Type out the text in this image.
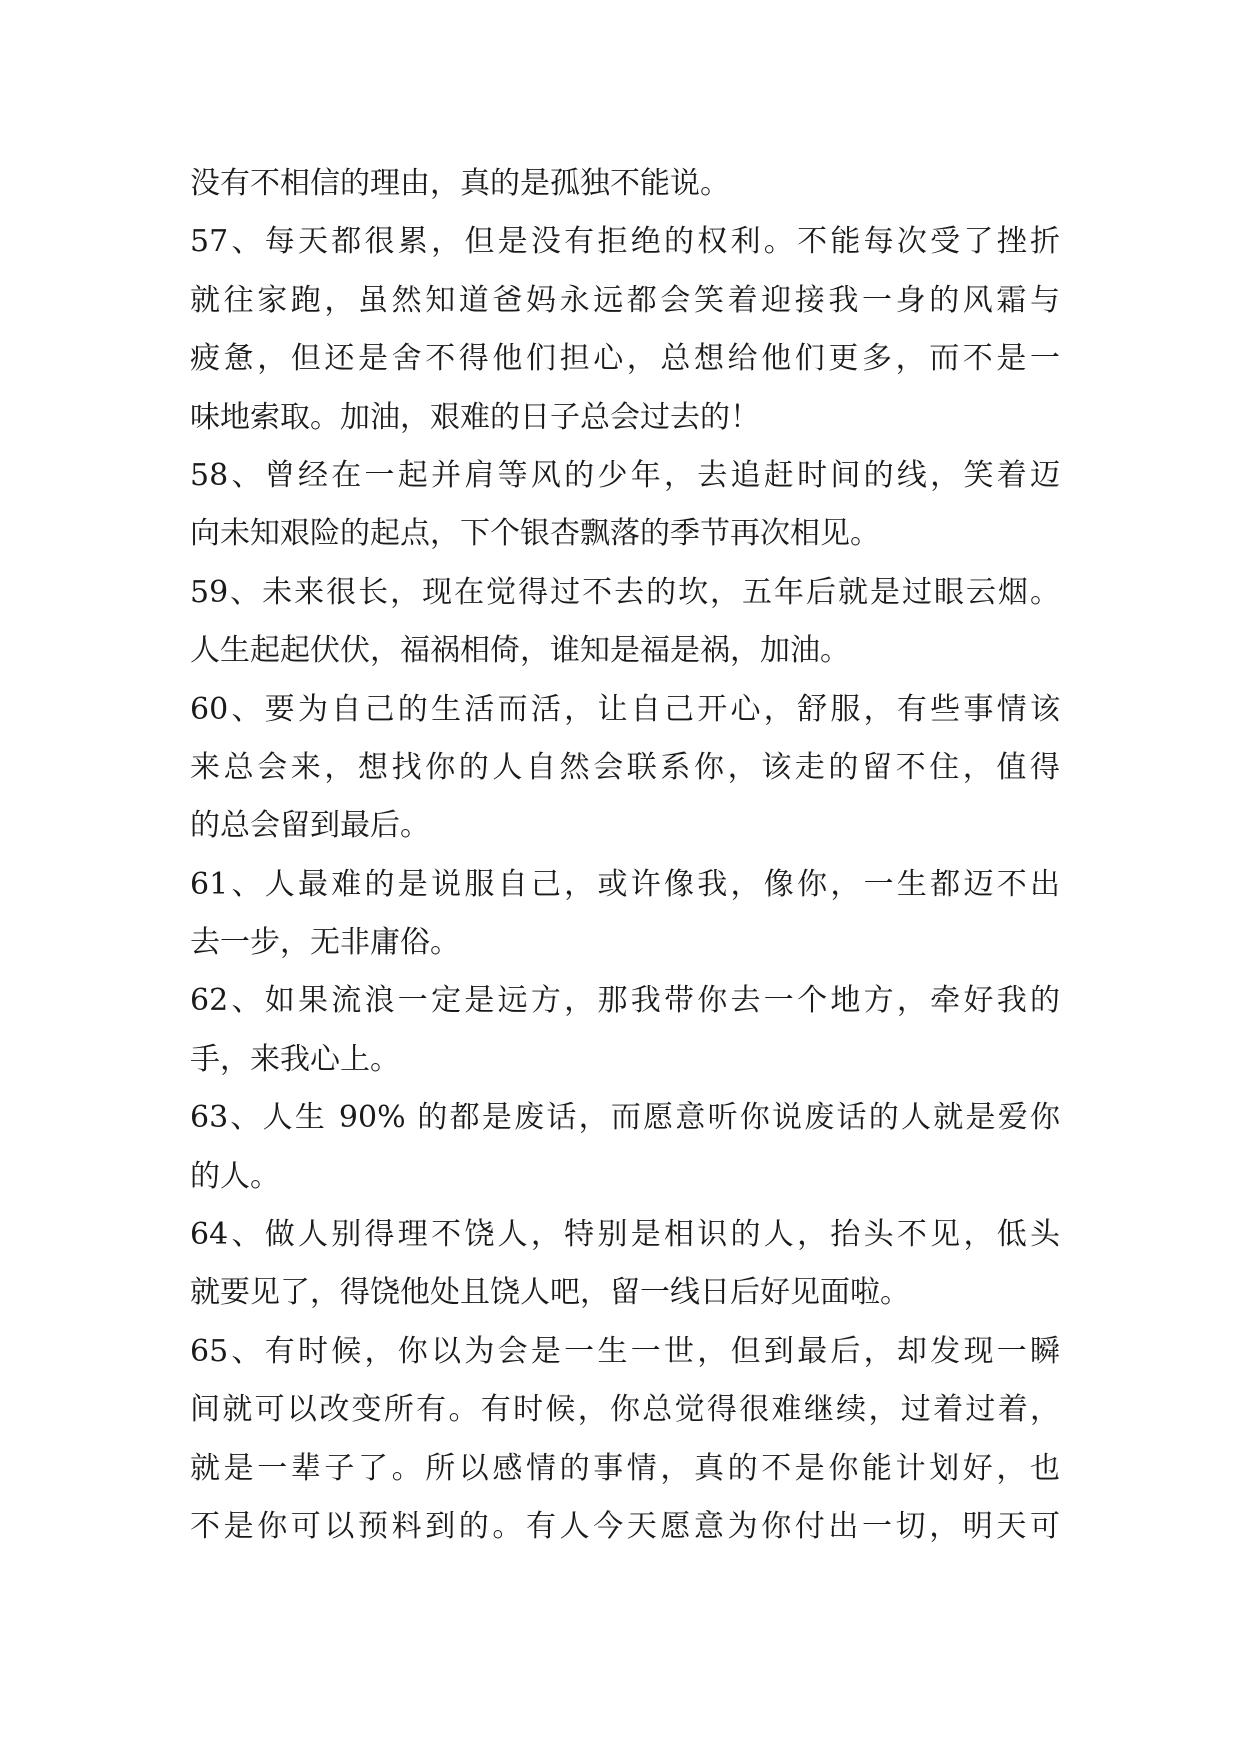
没有不相信的理由，真的是孤独不能说。
57、每天都很累，但是没有拒绝的权利。不能每次受了挫折
就往家跑，虽然知道爸妈永远都会笑着迎接我一身的风霜与
疲惫，但还是舍不得他们担心，总想给他们更多，而不是一
味地索取。加油，艰难的日子总会过去的！
58、曾经在一起并肩等风的少年，去追赶时间的线，笑着迈
向未知艰险的起点，下个银杏飘落的季节再次相见。
59、未来很长，现在觉得过不去的坎，五年后就是过眼云烟。
人生起起伏伏，福祸相倚，谁知是福是祸，加油。
60、要为自己的生活而活，让自己开心，舒服，有些事情该
来总会来，想找你的人自然会联系你，该走的留不住，值得
的总会留到最后。
61、人最难的是说服自己，或许像我，像你，一生都迈不出
去一步，无非庸俗。
62、如果流浪一定是远方，那我带你去一个地方，牵好我的
手，来我心上。
63、人生 90% 的都是废话，而愿意听你说废话的人就是爱你
的人。
64、做人别得理不饶人，特别是相识的人，抬头不见，低头
就要见了，得饶他处且饶人吧，留一线日后好见面啦。
65、有时候，你以为会是一生一世，但到最后，却发现一瞬
间就可以改变所有。有时候，你总觉得很难继续，过着过着，
就是一辈子了。所以感情的事情，真的不是你能计划好，也
不是你可以预料到的。有人今天愿意为你付出一切，明天可
